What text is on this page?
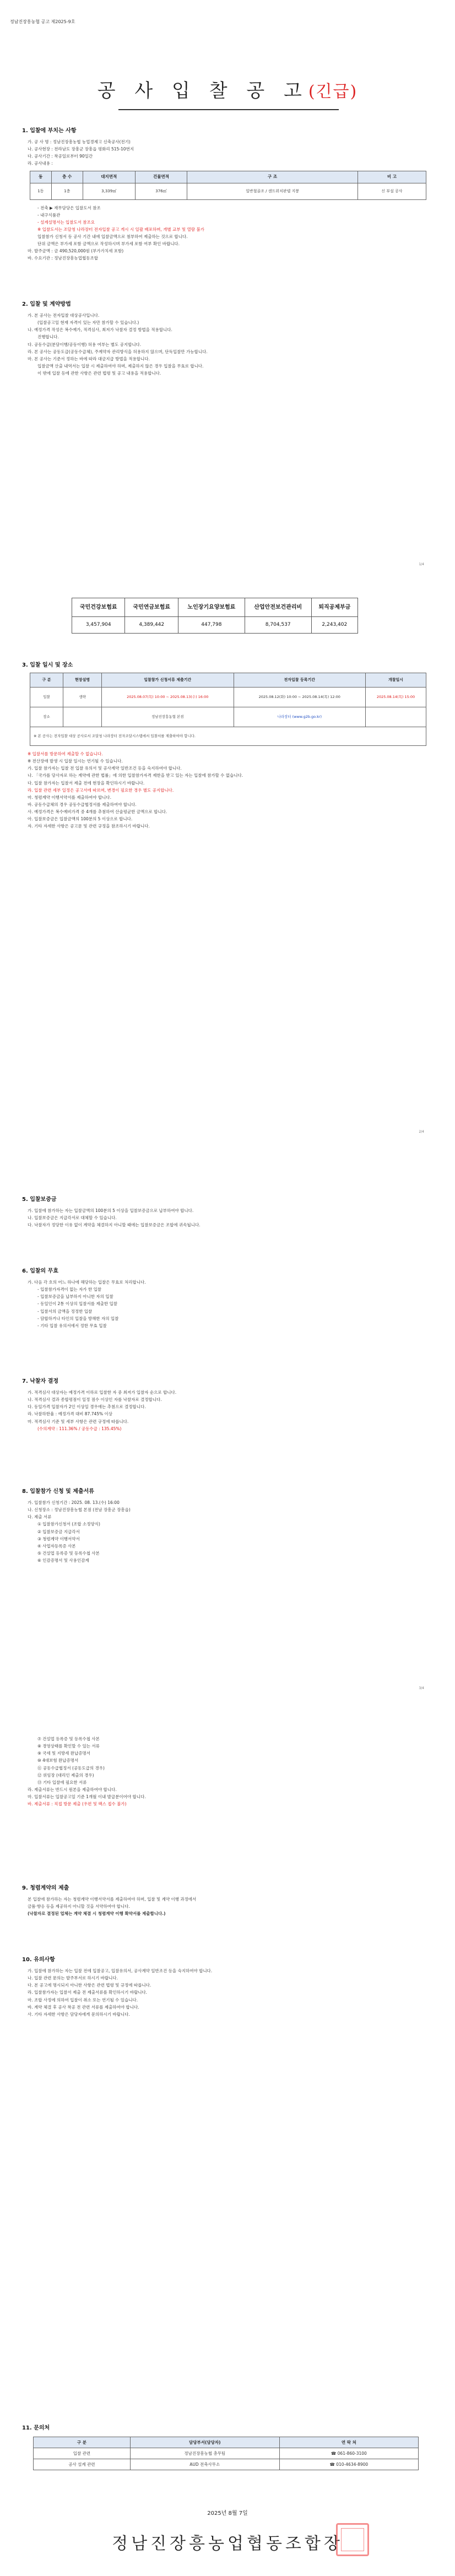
정남진장흥농협 공고 제2025-9호
공 사 입 찰 공 고(긴급)
1. 입찰에 부치는 사항
가. 공 사 명 : 정남진장흥농협 농업경제고 신축공사(전기)
나. 공사현장 : 전라남도 장흥군 장흥읍 평화리 515-10번지
다. 공사기간 : 착공일로부터 90일간
라. 공사내용 :
동	층 수	대지면적	건물면적	구 조	비 고
1동	1층	3,339㎡	376㎡	일반철골조 / 샌드위치판넬 지붕	신 부설 공사
- 전축 ▶ 재무담당은 입찰도서 참조
- 내구식품관
- 설계설명서는 입찰도서 참조요
※ 입찰도서는 조달청 나라장터 전자입찰 공고 게시 시 일괄 배포하며, 개별 교부 및 열람 불가
입찰참가 신청서 등 공사 기간 내에 입찰금액으로 첨부하여 제출하는 것으로 합니다.
단위 금액은 부가세 포함 금액으로 작성하시며 부가세 포함 여부 확인 바랍니다.
마. 발주금액 : 금 490,520,000원 (부가가치세 포함)
바. 수요기관 : 정남진장흥농업협동조합
2. 입찰 및 계약방법
가. 본 공사는 전자입찰 대상공사입니다.
(입찰공고일 현재 자격이 있는 자만 참가할 수 있습니다.)
나. 예정가격 작성은 복수예가, 적격심사, 최저가 낙찰자 결정 방법을 적용합니다.
진행합니다.
다. 공동수급(분담이행/공동이행) 허용 여부는 별도 공지합니다.
라. 본 공사는 공동도급(공동수급체), 주계약자 관리방식을 허용하지 않으며, 단독입찰만 가능합니다.
마. 본 공사는 기준서 정하는 바에 따라 대금지급 방법을 적용합니다.
입찰금액 산출 내역서는 입찰 시 제출하여야 하며, 제출하지 않은 경우 입찰을 무효로 합니다.
이 밖에 입찰 등에 관한 사항은 관련 법령 및 공고 내용을 적용합니다.
1/4
국민건강보험료	국민연금보험료	노인장기요양보험료	산업안전보건관리비	퇴직공제부금
3,457,904	4,389,442	447,798	8,704,537	2,243,402
3. 입찰 일시 및 장소
구 분	현장설명	입찰참가 신청서류 제출기간	전자입찰 등록기간	개찰일시
입찰	생략	2025.08.07(목) 10:00 ~ 2025.08.13(수) 16:00	2025.08.12(화) 10:00 ~ 2025.08.14(목) 12:00	2025.08.14(목) 15:00
장소		정남진장흥농협 본점	나라장터 (www.g2b.go.kr)	
※ 본 공사는 전자입찰 대상 공사로서 조달청 나라장터 전자조달시스템에서 입찰서를 제출하여야 합니다.				
※ 입찰서를 방문하여 제출할 수 없습니다.
※ 전산장애 발생 시 입찰 일시는 연기될 수 있습니다.
가. 입찰 참가자는 입찰 전 입찰 유의서 및 공사계약 일반조건 등을 숙지하여야 합니다.
나. 「국가를 당사자로 하는 계약에 관한 법률」에 의한 입찰참가자격 제한을 받고 있는 자는 입찰에 참가할 수 없습니다.
다. 입찰 참가자는 입찰서 제출 전에 현장을 확인하시기 바랍니다.
라. 입찰 관련 세부 일정은 공고서에 따르며, 변경이 필요한 경우 별도 공지합니다.
마. 청렴계약 이행서약서를 제출하여야 합니다.
바. 공동수급체의 경우 공동수급협정서를 제출하여야 합니다.
사. 예정가격은 복수예비가격 중 4개를 추첨하여 산술평균한 금액으로 합니다.
아. 입찰보증금은 입찰금액의 100분의 5 이상으로 합니다.
자. 기타 자세한 사항은 공고문 및 관련 규정을 참조하시기 바랍니다.
2/4
5. 입찰보증금
가. 입찰에 참가하는 자는 입찰금액의 100분의 5 이상을 입찰보증금으로 납부하여야 합니다.
나. 입찰보증금은 지급각서로 대체할 수 있습니다.
다. 낙찰자가 정당한 이유 없이 계약을 체결하지 아니할 때에는 입찰보증금은 조합에 귀속됩니다.
6. 입찰의 무효
가. 다음 각 호의 어느 하나에 해당하는 입찰은 무효로 처리합니다.
- 입찰참가자격이 없는 자가 한 입찰
- 입찰보증금을 납부하지 아니한 자의 입찰
- 동일인이 2통 이상의 입찰서를 제출한 입찰
- 입찰서의 금액을 정정한 입찰
- 담합하거나 타인의 입찰을 방해한 자의 입찰
- 기타 입찰 유의서에서 정한 무효 입찰
7. 낙찰자 결정
가. 적격심사 대상자는 예정가격 이하로 입찰한 자 중 최저가 입찰자 순으로 합니다.
나. 적격심사 결과 종합평점이 일정 점수 이상인 자를 낙찰자로 결정합니다.
다. 동일가격 입찰자가 2인 이상일 경우에는 추첨으로 결정합니다.
라. 낙찰하한율 : 예정가격 대비 87.745% 이상
마. 적격심사 기준 및 세부 사항은 관련 규정에 따릅니다.
(수의계약 : 111.36% / 공동수급 : 135.45%)
8. 입찰참가 신청 및 제출서류
가. 입찰참가 신청기간 : 2025. 08. 13.(수) 16:00
나. 신청장소 : 정남진장흥농협 본점 (전남 장흥군 장흥읍)
다. 제출 서류
① 입찰참가신청서 (조합 소정양식)
② 입찰보증금 지급각서
③ 청렴계약 이행서약서
④ 사업자등록증 사본
⑤ 건설업 등록증 및 등록수첩 사본
⑥ 인감증명서 및 사용인감계
3/4
⑦ 건설업 등록증 및 등록수첩 사본
⑧ 경영상태를 확인할 수 있는 서류
⑨ 국세 및 지방세 완납증명서
⑩ 4대보험 완납증명서
⑪ 공동수급협정서 (공동도급의 경우)
⑫ 위임장 (대리인 제출의 경우)
⑬ 기타 입찰에 필요한 서류
라. 제출서류는 반드시 원본을 제출하여야 합니다.
마. 입찰서류는 입찰공고일 기준 1개월 이내 발급분이어야 합니다.
바. 제출서류 : 직접 방문 제출 (우편 및 팩스 접수 불가)
9. 청렴계약의 제출
본 입찰에 참가하는 자는 청렴계약 이행서약서를 제출하여야 하며, 입찰 및 계약 이행 과정에서
금품·향응 등을 제공하지 아니할 것을 서약하여야 합니다.
(낙찰자로 결정된 업체는 계약 체결 시 청렴계약 이행 확약서를 제출합니다.)
10. 유의사항
가. 입찰에 참가하는 자는 입찰 전에 입찰공고, 입찰유의서, 공사계약 일반조건 등을 숙지하여야 합니다.
나. 입찰 관련 문의는 발주부서로 하시기 바랍니다.
다. 본 공고에 명시되지 아니한 사항은 관련 법령 및 규정에 따릅니다.
라. 입찰참가자는 입찰서 제출 전 제출서류를 확인하시기 바랍니다.
마. 조합 사정에 의하여 입찰이 취소 또는 연기될 수 있습니다.
바. 계약 체결 후 공사 착공 전 관련 서류를 제출하여야 합니다.
사. 기타 자세한 사항은 담당자에게 문의하시기 바랍니다.
11. 문의처
구 분	담당부서(담당자)	연 락 처
입찰 관련	정남진장흥농협 총무팀	☎ 061-860-3100
공사 설계 관련	AUD 전축사무소	☎ 010-4634-8900
2025년 8월 7일
정남진장흥농업협동조합장
